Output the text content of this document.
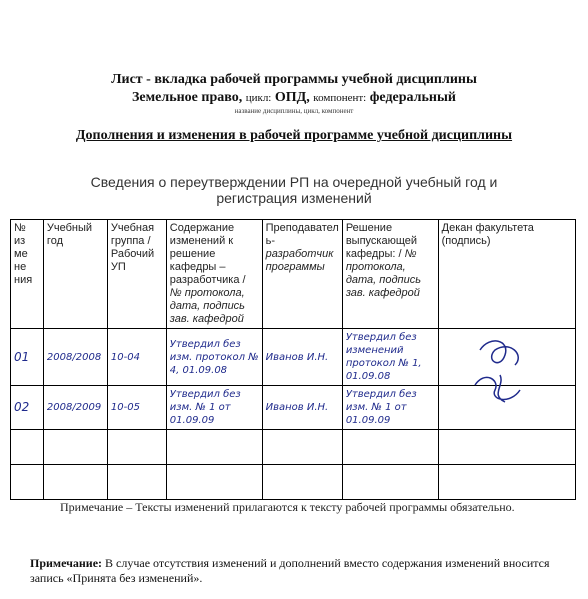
Лист - вкладка рабочей программы учебной дисциплины
Земельное право, цикл: ОПД, компонент: федеральный
название дисциплины, цикл, компонент
Дополнения и изменения в рабочей программе учебной дисциплины
Сведения о переутверждении РП на очередной учебный год и
регистрация изменений
№ из ме не ния	Учебный год	Учебная группа /Рабочий УП	Содержание изменений к решение кафедры – разработчика / № протокола, дата, подпись зав. кафедрой	Преподавател ь-разработчик программы	Решение выпускающей кафедры: / № протокола, дата, подпись зав. кафедрой	Декан факультета (подпись)
01	2008/2008	10-04	Утвердил без изм. протокол № 4, 01.09.08	Иванов И.Н.	Утвердил без изменений протокол № 1, 01.09.08	
02	2008/2009	10-05	Утвердил без изм. № 1 от 01.09.09	Иванов И.Н.	Утвердил без изм. № 1 от 01.09.09	

Примечание – Тексты изменений прилагаются к тексту рабочей программы обязательно.
Примечание: В случае отсутствия изменений и дополнений вместо содержания изменений вносится запись «Принята без изменений».
